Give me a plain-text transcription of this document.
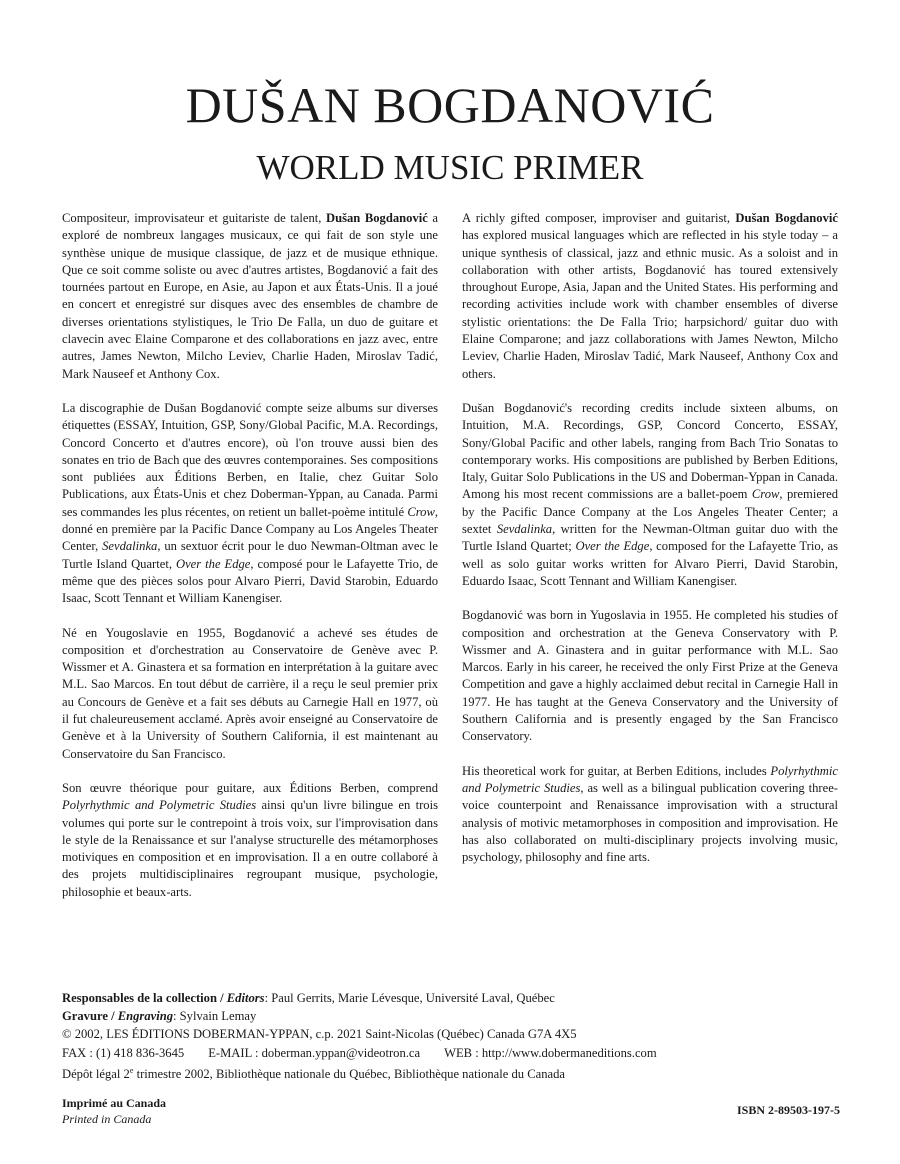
DUŠAN BOGDANOVIĆ
WORLD MUSIC PRIMER

Compositeur, improvisateur et guitariste de talent, Dušan Bogdanović a exploré de nombreux langages musicaux, ce qui fait de son style une synthèse unique de musique classique, de jazz et de musique ethnique. Que ce soit comme soliste ou avec d'autres artistes, Bogdanović a fait des tournées partout en Europe, en Asie, au Japon et aux États-Unis. Il a joué en concert et enregistré sur disques avec des ensembles de chambre de diverses orientations stylistiques, le Trio De Falla, un duo de guitare et clavecin avec Elaine Comparone et des collaborations en jazz avec, entre autres, James Newton, Milcho Leviev, Charlie Haden, Miroslav Tadić, Mark Nauseef et Anthony Cox.

La discographie de Dušan Bogdanović compte seize albums sur diverses étiquettes (ESSAY, Intuition, GSP, Sony/Global Pacific, M.A. Recordings, Concord Concerto et d'autres encore), où l'on trouve aussi bien des sonates en trio de Bach que des œuvres contemporaines. Ses compositions sont publiées aux Éditions Berben, en Italie, chez Guitar Solo Publications, aux États-Unis et chez Doberman-Yppan, au Canada. Parmi ses commandes les plus récentes, on retient un ballet-poème intitulé Crow, donné en première par la Pacific Dance Company au Los Angeles Theater Center, Sevdalinka, un sextuor écrit pour le duo Newman-Oltman avec le Turtle Island Quartet, Over the Edge, composé pour le Lafayette Trio, de même que des pièces solos pour Alvaro Pierri, David Starobin, Eduardo Isaac, Scott Tennant et William Kanengiser.

Né en Yougoslavie en 1955, Bogdanović a achevé ses études de composition et d'orchestration au Conservatoire de Genève avec P. Wissmer et A. Ginastera et sa formation en interprétation à la guitare avec M.L. Sao Marcos. En tout début de carrière, il a reçu le seul premier prix au Concours de Genève et a fait ses débuts au Carnegie Hall en 1977, où il fut chaleureusement acclamé. Après avoir enseigné au Conservatoire de Genève et à la University of Southern California, il est maintenant au Conservatoire du San Francisco.

Son œuvre théorique pour guitare, aux Éditions Berben, comprend Polyrhythmic and Polymetric Studies ainsi qu'un livre bilingue en trois volumes qui porte sur le contrepoint à trois voix, sur l'improvisation dans le style de la Renaissance et sur l'analyse structurelle des métamorphoses motiviques en composition et en improvisation. Il a en outre collaboré à des projets multidisciplinaires regroupant musique, psychologie, philosophie et beaux-arts.

A richly gifted composer, improviser and guitarist, Dušan Bogdanović has explored musical languages which are reflected in his style today – a unique synthesis of classical, jazz and ethnic music. As a soloist and in collaboration with other artists, Bogdanović has toured extensively throughout Europe, Asia, Japan and the United States. His performing and recording activities include work with chamber ensembles of diverse stylistic orientations: the De Falla Trio; harpsichord/ guitar duo with Elaine Comparone; and jazz collaborations with James Newton, Milcho Leviev, Charlie Haden, Miroslav Tadić, Mark Nauseef, Anthony Cox and others.

Dušan Bogdanović's recording credits include sixteen albums, on Intuition, M.A. Recordings, GSP, Concord Concerto, ESSAY, Sony/Global Pacific and other labels, ranging from Bach Trio Sonatas to contemporary works. His compositions are published by Berben Editions, Italy, Guitar Solo Publications in the US and Doberman-Yppan in Canada. Among his most recent commissions are a ballet-poem Crow, premiered by the Pacific Dance Company at the Los Angeles Theater Center; a sextet Sevdalinka, written for the Newman-Oltman guitar duo with the Turtle Island Quartet; Over the Edge, composed for the Lafayette Trio, as well as solo guitar works written for Alvaro Pierri, David Starobin, Eduardo Isaac, Scott Tennant and William Kanengiser.

Bogdanović was born in Yugoslavia in 1955. He completed his studies of composition and orchestration at the Geneva Conservatory with P. Wissmer and A. Ginastera and in guitar performance with M.L. Sao Marcos. Early in his career, he received the only First Prize at the Geneva Competition and gave a highly acclaimed debut recital in Carnegie Hall in 1977. He has taught at the Geneva Conservatory and the University of Southern California and is presently engaged by the San Francisco Conservatory.

His theoretical work for guitar, at Berben Editions, includes Polyrhythmic and Polymetric Studies, as well as a bilingual publication covering three-voice counterpoint and Renaissance improvisation with a structural analysis of motivic metamorphoses in composition and improvisation. He has also collaborated on multi-disciplinary projects involving music, psychology, philosophy and fine arts.

Responsables de la collection / Editors: Paul Gerrits, Marie Lévesque, Université Laval, Québec
Gravure / Engraving: Sylvain Lemay
© 2002, LES ÉDITIONS DOBERMAN-YPPAN, c.p. 2021 Saint-Nicolas (Québec) Canada G7A 4X5
FAX : (1) 418 836-3645 E-MAIL : doberman.yppan@videotron.ca WEB : http://www.dobermaneditions.com
Dépôt légal 2e trimestre 2002, Bibliothèque nationale du Québec, Bibliothèque nationale du Canada
Imprimé au Canada
Printed in Canada
ISBN 2-89503-197-5
